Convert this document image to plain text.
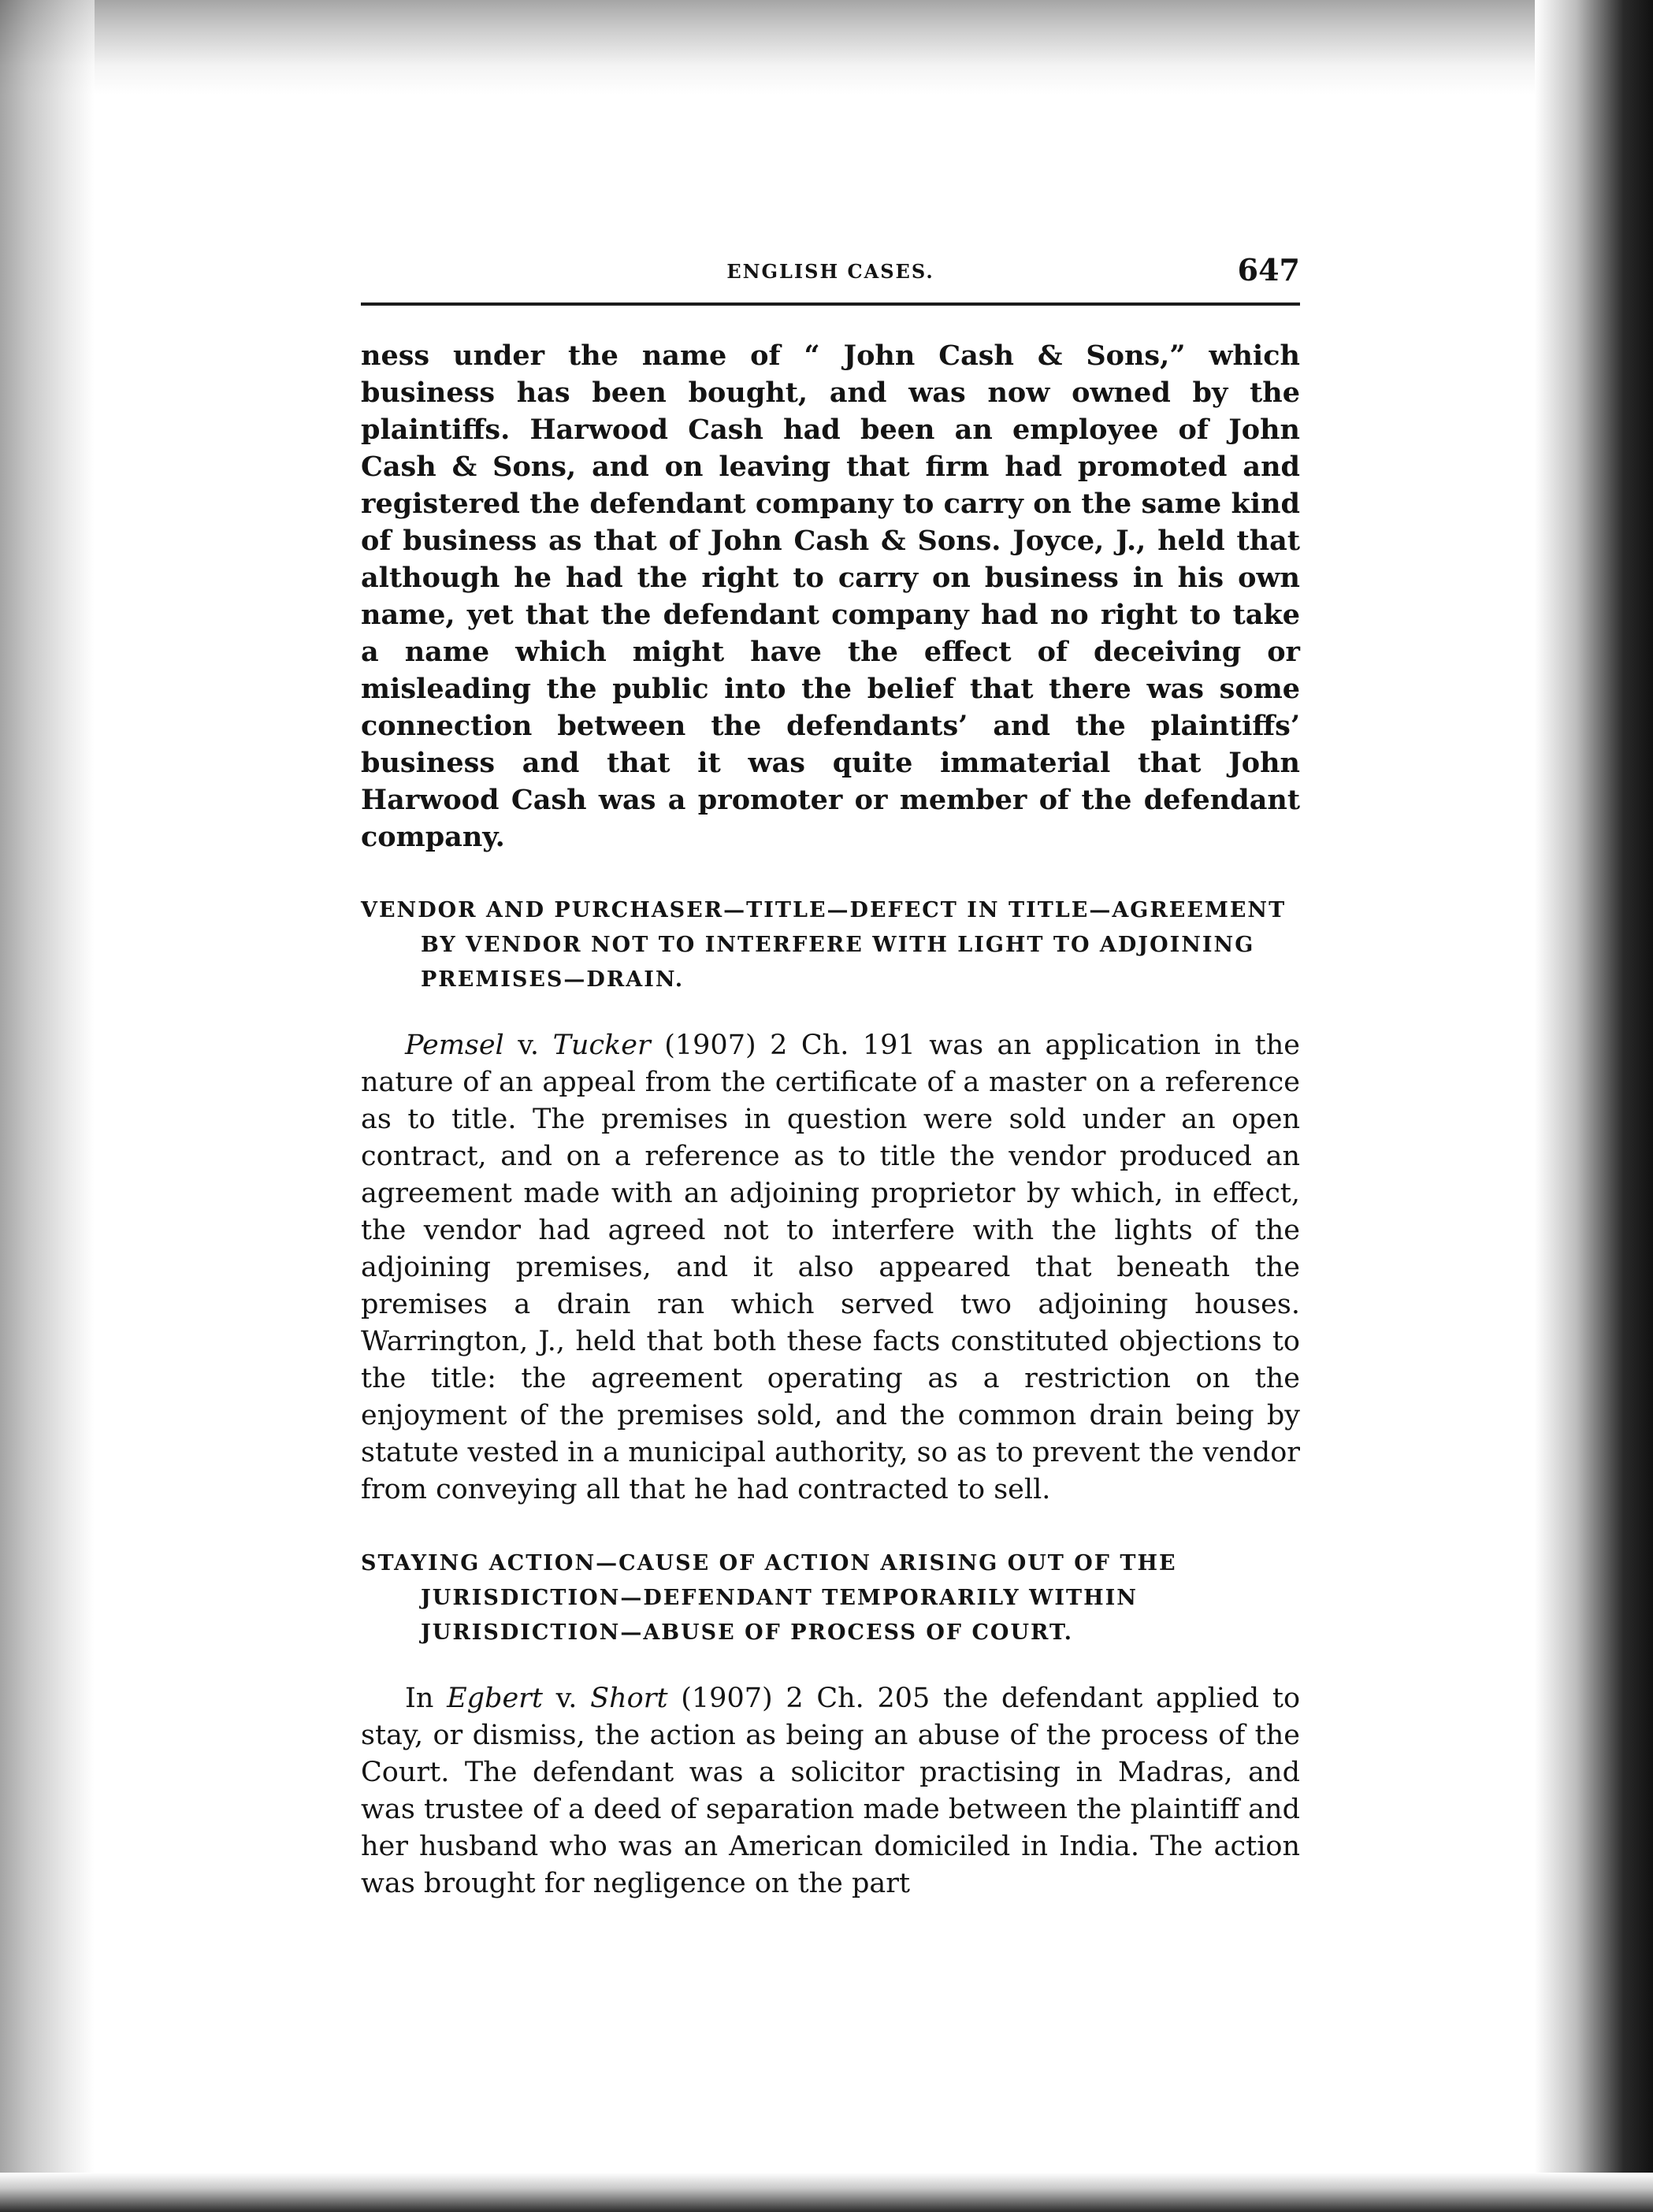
ENGLISH CASES.	647

ness under the name of “ John Cash & Sons,” which business has been bought, and was now owned by the plaintiffs. Harwood Cash had been an employee of John Cash & Sons, and on leaving that firm had promoted and registered the defendant company to carry on the same kind of business as that of John Cash & Sons. Joyce, J., held that although he had the right to carry on business in his own name, yet that the defendant company had no right to take a name which might have the effect of deceiving or misleading the public into the belief that there was some connection between the defendants’ and the plaintiffs’ business and that it was quite immaterial that John Harwood Cash was a promoter or member of the defendant company.

VENDOR AND PURCHASER—TITLE—DEFECT IN TITLE—AGREEMENT BY VENDOR NOT TO INTERFERE WITH LIGHT TO ADJOINING PREMISES—DRAIN.

Pemsel v. Tucker (1907) 2 Ch. 191 was an application in the nature of an appeal from the certificate of a master on a reference as to title. The premises in question were sold under an open contract, and on a reference as to title the vendor produced an agreement made with an adjoining proprietor by which, in effect, the vendor had agreed not to interfere with the lights of the adjoining premises, and it also appeared that beneath the premises a drain ran which served two adjoining houses. Warrington, J., held that both these facts constituted objections to the title: the agreement operating as a restriction on the enjoyment of the premises sold, and the common drain being by statute vested in a municipal authority, so as to prevent the vendor from conveying all that he had contracted to sell.

STAYING ACTION—CAUSE OF ACTION ARISING OUT OF THE JURISDICTION—DEFENDANT TEMPORARILY WITHIN JURISDICTION—ABUSE OF PROCESS OF COURT.

In Egbert v. Short (1907) 2 Ch. 205 the defendant applied to stay, or dismiss, the action as being an abuse of the process of the Court. The defendant was a solicitor practising in Madras, and was trustee of a deed of separation made between the plaintiff and her husband who was an American domiciled in India. The action was brought for negligence on the part
